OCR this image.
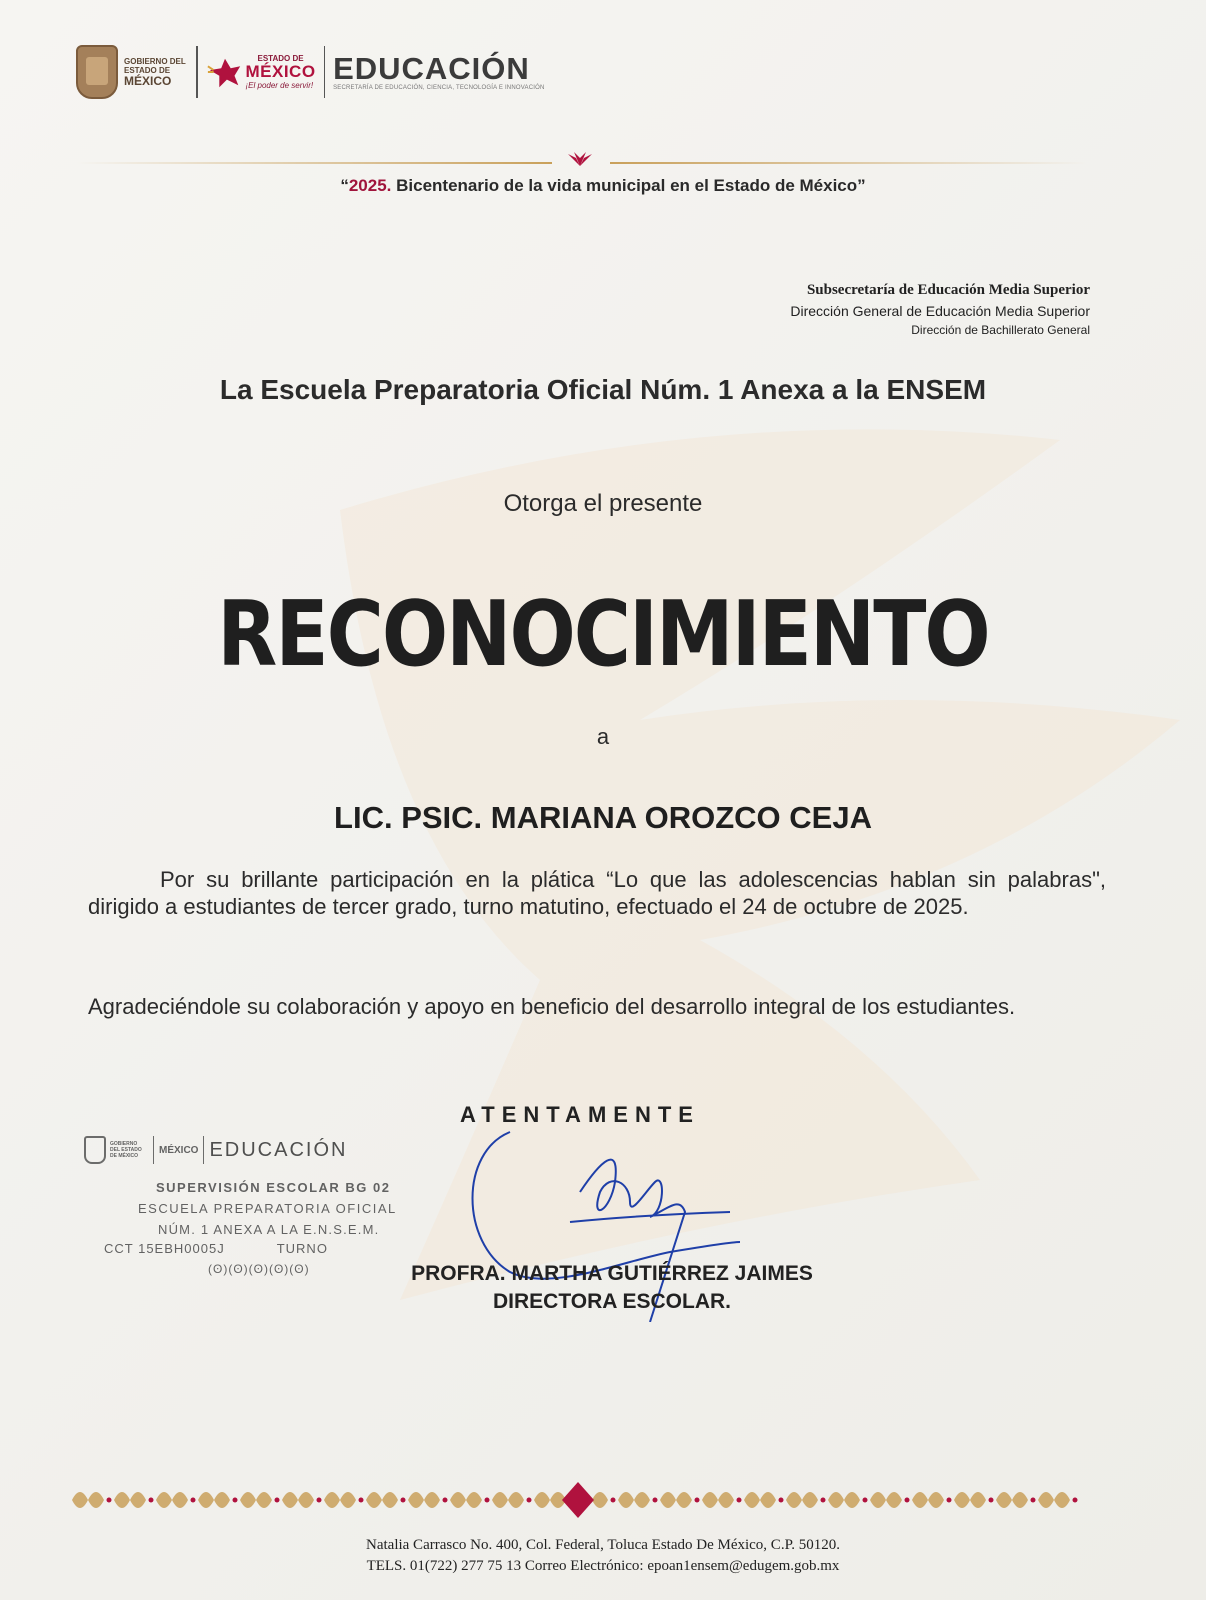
GOBIERNO DEL
ESTADO DE
MÉXICO
ESTADO DE
MÉXICO
¡El poder de servir! EDUCACIÓN
SECRETARÍA DE EDUCACIÓN, CIENCIA, TECNOLOGÍA E INNOVACIÓN
“2025. Bicentenario de la vida municipal en el Estado de México”
Subsecretaría de Educación Media Superior
Dirección General de Educación Media Superior
Dirección de Bachillerato General
La Escuela Preparatoria Oficial Núm. 1 Anexa a la ENSEM
Otorga el presente
RECONOCIMIENTO
a
LIC. PSIC. MARIANA OROZCO CEJA
Por su brillante participación en la plática “Lo que las adolescencias hablan sin palabras", dirigido a estudiantes de tercer grado, turno matutino, efectuado el 24 de octubre de 2025.
Agradeciéndole su colaboración y apoyo en beneficio del desarrollo integral de los estudiantes.
GOBIERNO DEL ESTADO DE MÉXICO
MÉXICO EDUCACIÓN
SUPERVISIÓN ESCOLAR BG 02
ESCUELA PREPARATORIA OFICIAL
NÚM. 1 ANEXA A LA E.N.S.E.M.
CCT 15EBH0005J	TURNO
(ʘ)(ʘ)(ʘ)(ʘ)(ʘ)
ATENTAMENTE
PROFRA. MARTHA GUTIÉRREZ JAIMES
DIRECTORA ESCOLAR.
Natalia Carrasco No. 400, Col. Federal, Toluca Estado De México, C.P. 50120.
TELS. 01(722) 277 75 13 Correo Electrónico: epoan1ensem@edugem.gob.mx
